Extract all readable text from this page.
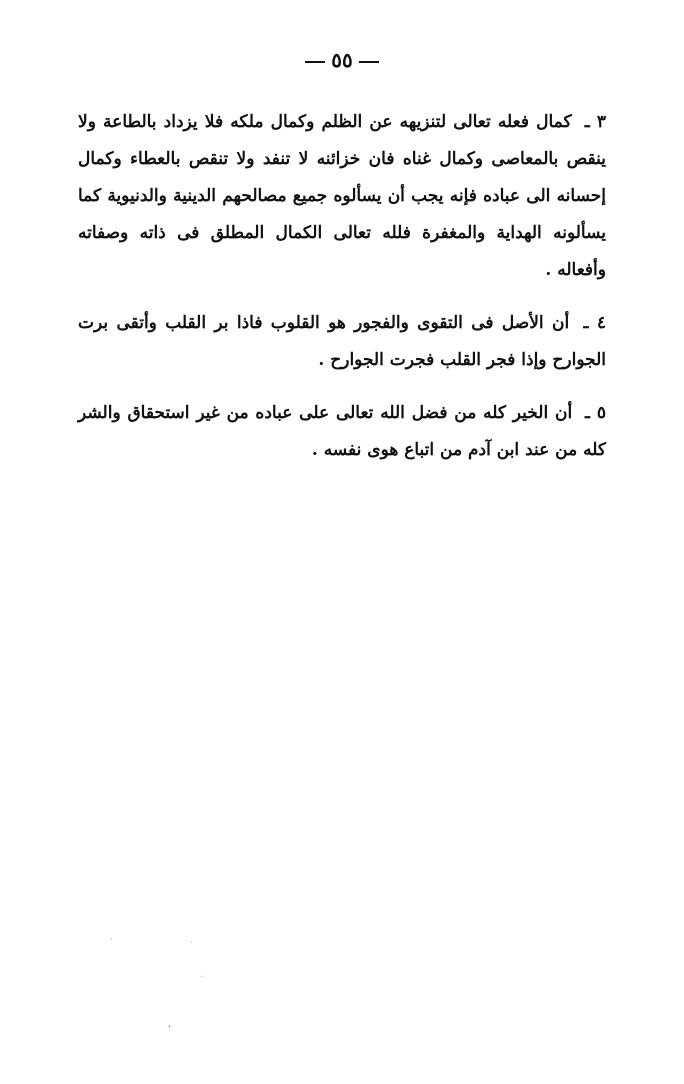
٥٥

٣ ـ كمال فعله تعالى لتنزيهه عن الظلم وكمال ملكه فلا يزداد بالطاعة ولا ينقص بالمعاصى وكمال غناه فان خزائنه لا تنفد ولا تنقص بالعطاء وكمال إحسانه الى عباده فإنه يجب أن يسألوه جميع مصالحهم الدينية والدنيوية كما يسألونه الهداية والمغفرة فلله تعالى الكمال المطلق فى ذاته وصفاته وأفعاله .

٤ ـ أن الأصل فى التقوى والفجور هو القلوب فاذا بر القلب وأتقى برت الجوارح وإذا فجر القلب فجرت الجوارح .

٥ ـ أن الخير كله من فضل الله تعالى على عباده من غير استحقاق والشر كله من عند ابن آدم من اتباع هوى نفسه .

·	·
·
·
